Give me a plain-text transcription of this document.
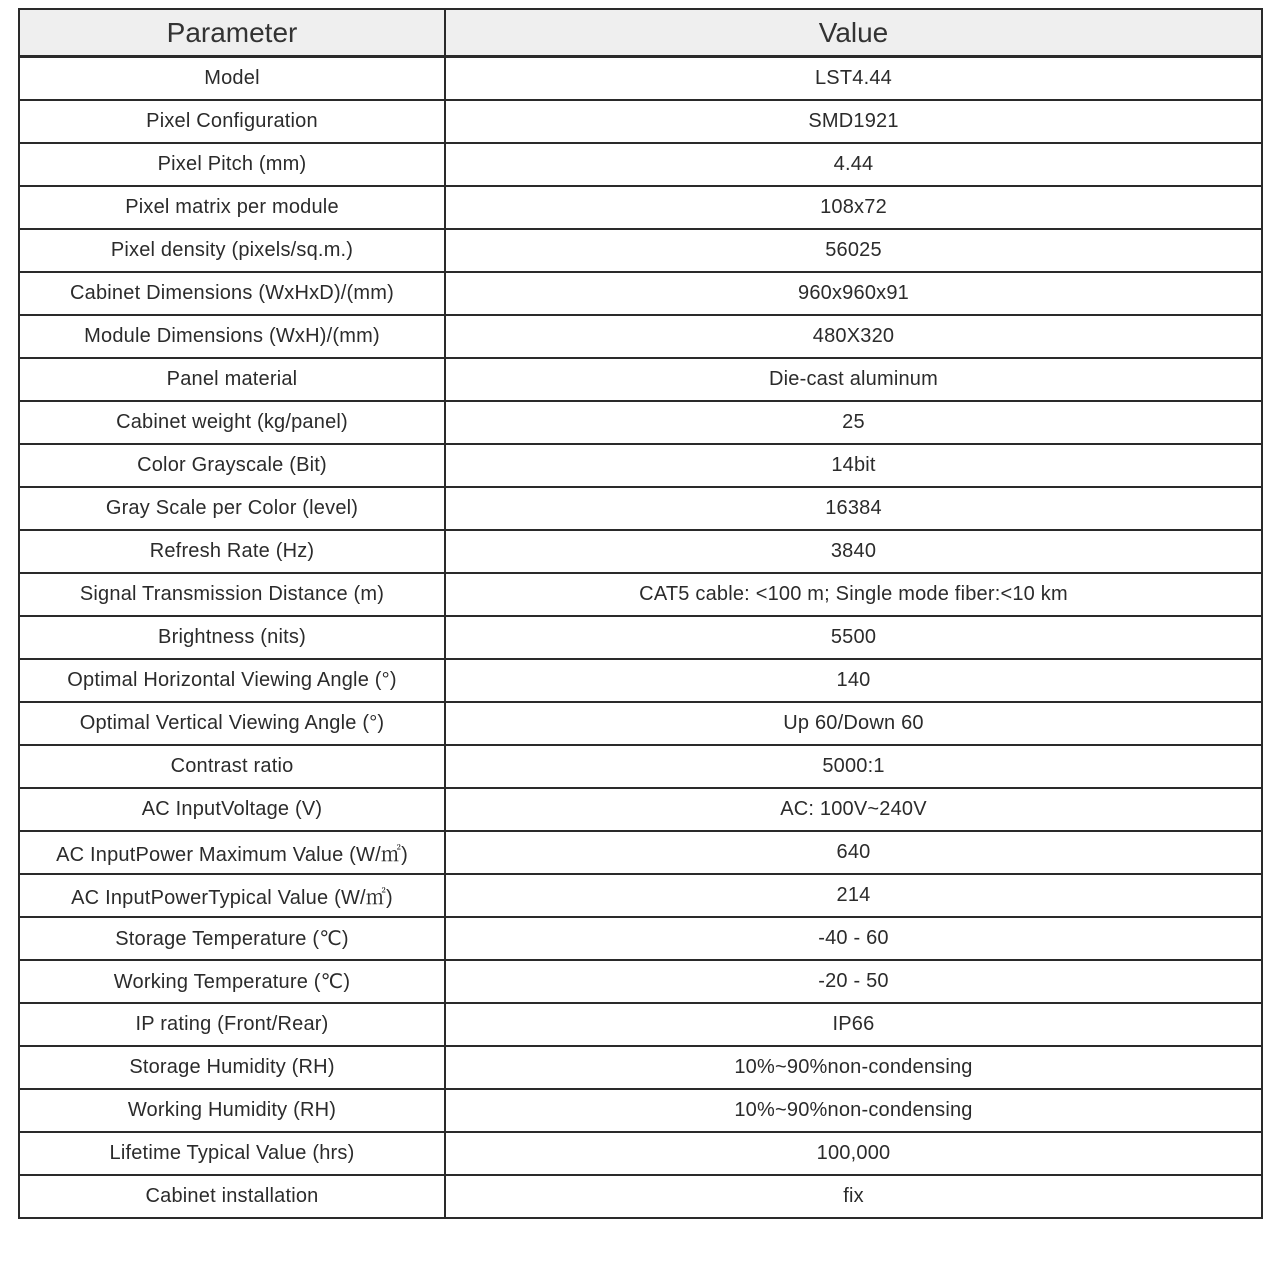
Parameter	Value
Model	LST4.44
Pixel Configuration	SMD1921
Pixel Pitch (mm)	4.44
Pixel matrix per module	108x72
Pixel density (pixels/sq.m.)	56025
Cabinet Dimensions (WxHxD)/(mm)	960x960x91
Module Dimensions (WxH)/(mm)	480X320
Panel material	Die-cast aluminum
Cabinet weight (kg/panel)	25
Color Grayscale (Bit)	14bit
Gray Scale per Color (level)	16384
Refresh Rate (Hz)	3840
Signal Transmission Distance (m)	CAT5 cable: <100 m; Single mode fiber:<10 km
Brightness (nits)	5500
Optimal Horizontal Viewing Angle (°)	140
Optimal Vertical Viewing Angle (°)	Up 60/Down 60
Contrast ratio	5000:1
AC InputVoltage (V)	AC: 100V~240V
AC InputPower Maximum Value (W/㎡)	640
AC InputPowerTypical Value (W/㎡)	214
Storage Temperature (℃)	-40 - 60
Working Temperature (℃)	-20 - 50
IP rating (Front/Rear)	IP66
Storage Humidity (RH)	10%~90%non-condensing
Working Humidity (RH)	10%~90%non-condensing
Lifetime Typical Value (hrs)	100,000
Cabinet installation	fix
